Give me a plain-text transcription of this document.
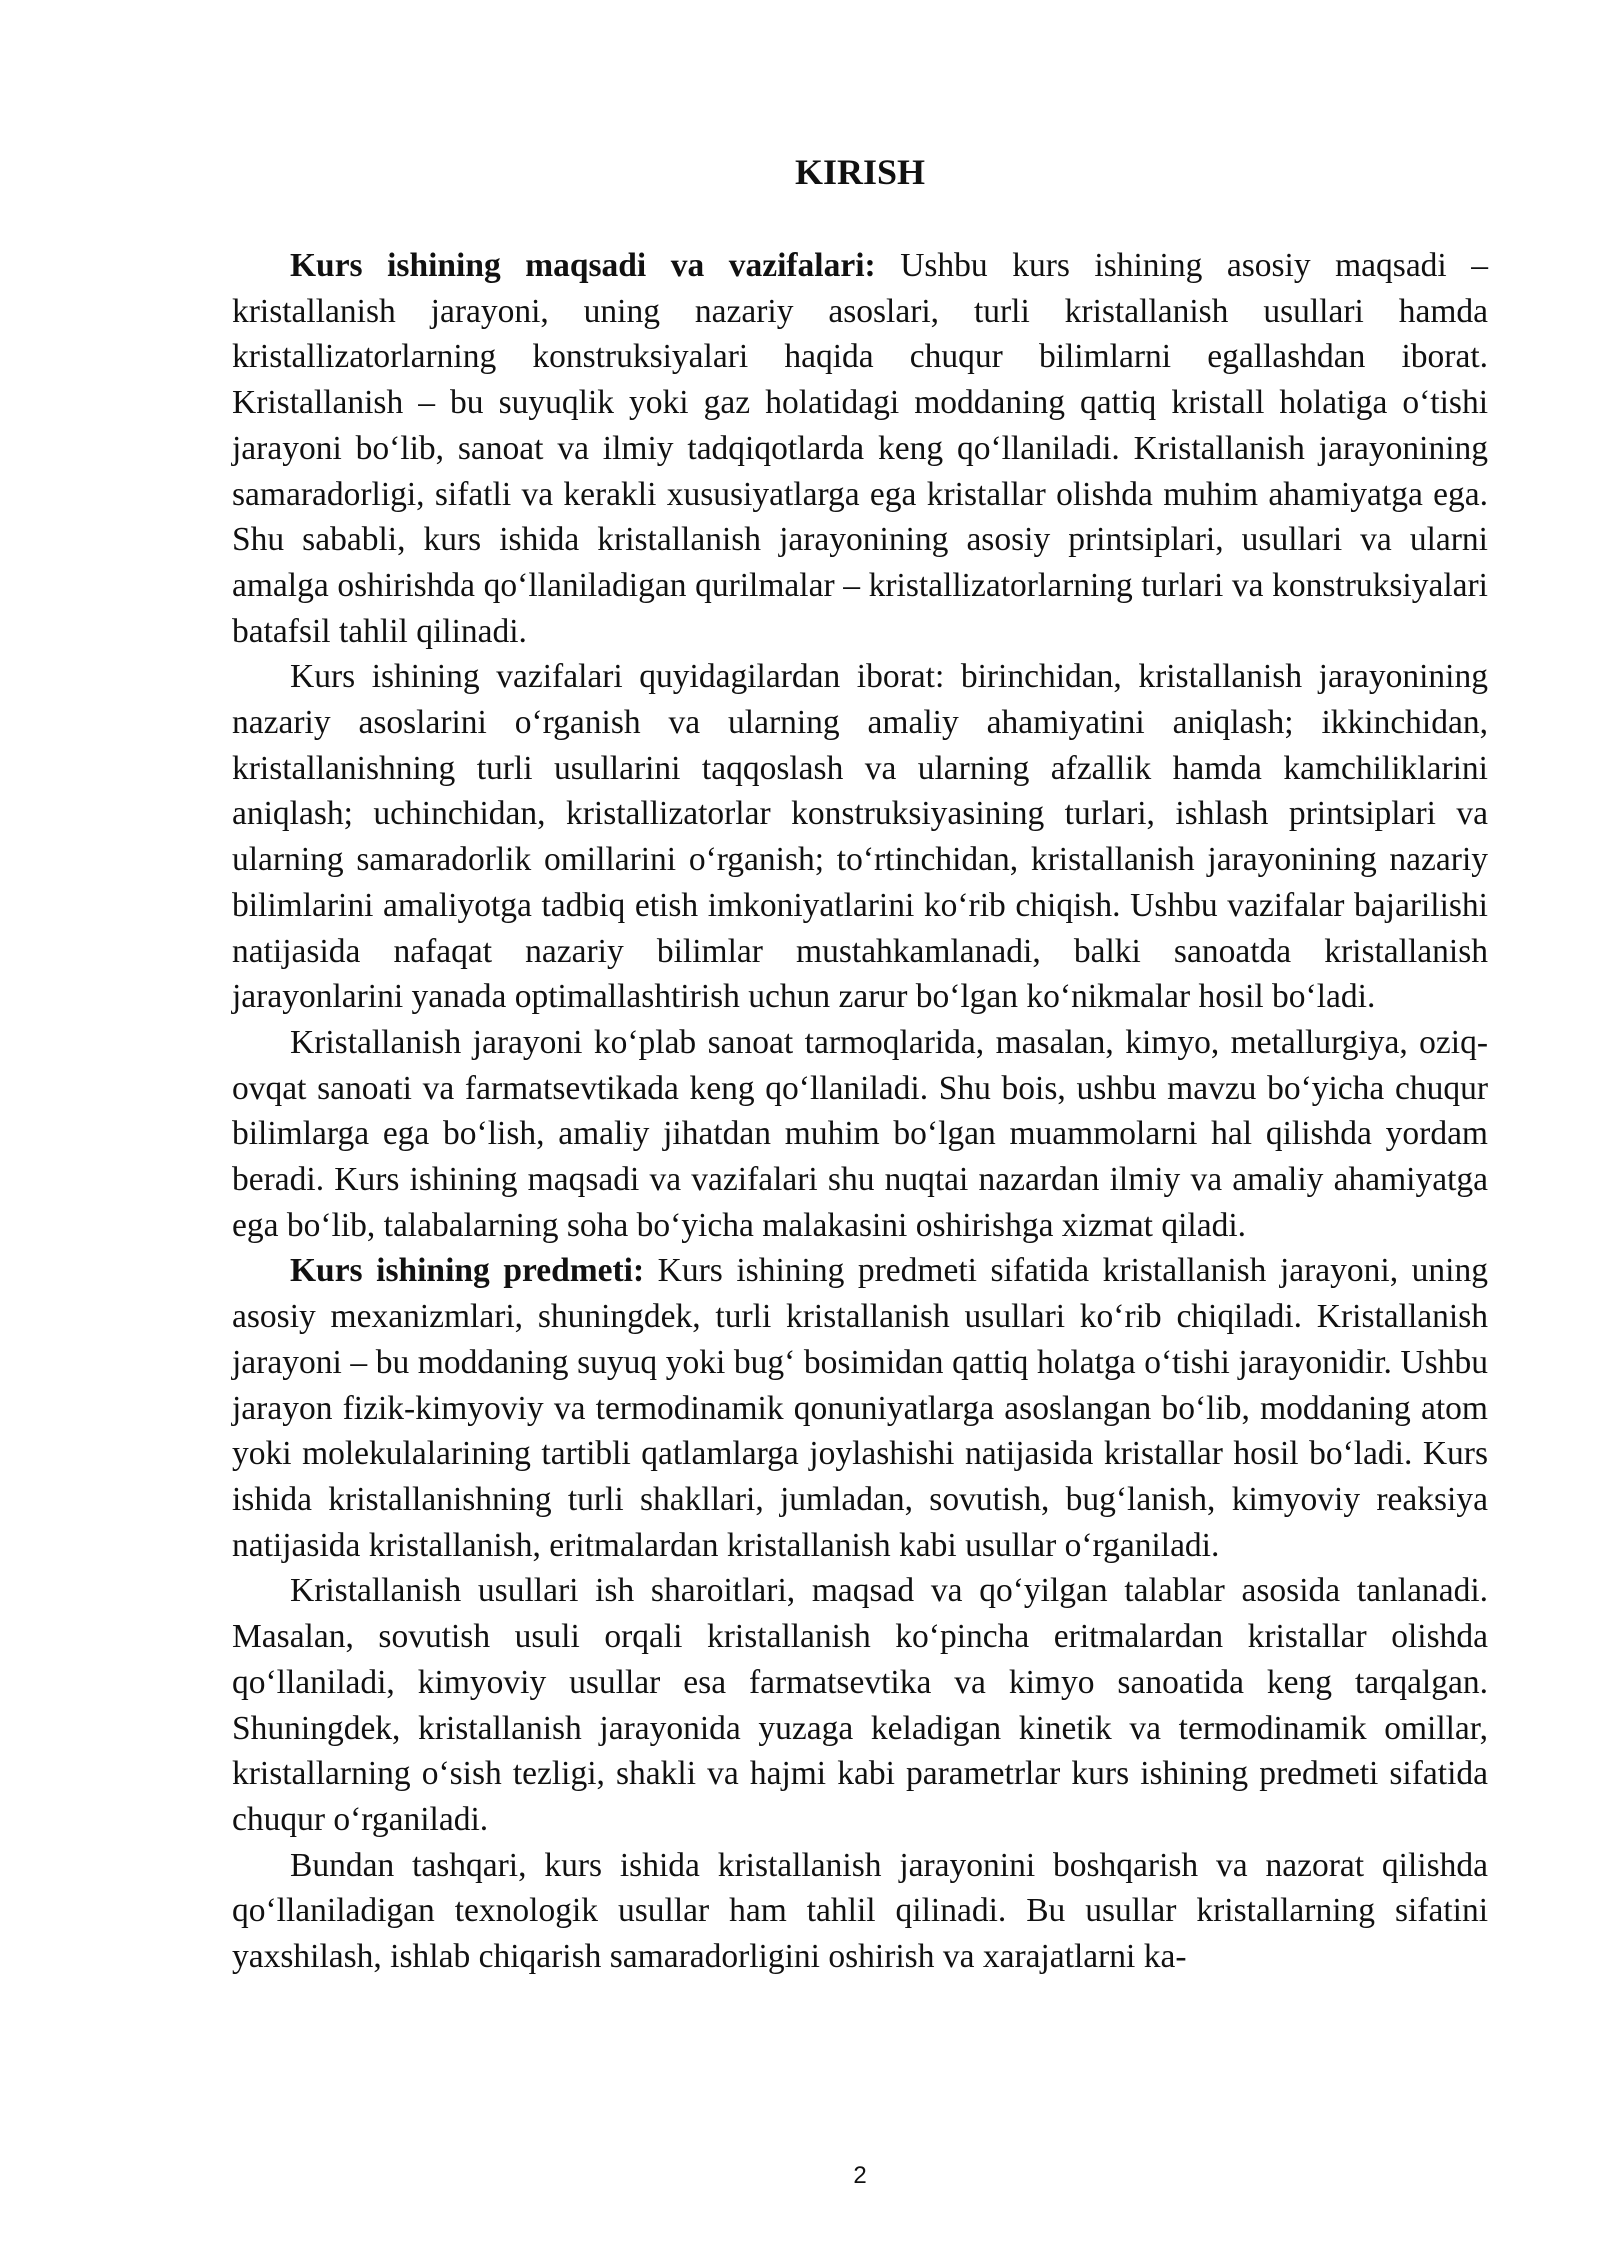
KIRISH

Kurs ishining maqsadi va vazifalari: Ushbu kurs ishining asosiy maqsadi – kristallanish jarayoni, uning nazariy asoslari, turli kristallanish usullari hamda kristallizatorlarning konstruksiyalari haqida chuqur bilimlarni egallashdan iborat. Kristallanish – bu suyuqlik yoki gaz holatidagi moddaning qattiq kristall holatiga o‘tishi jarayoni bo‘lib, sanoat va ilmiy tadqiqotlarda keng qo‘llaniladi. Kristallanish jarayonining samaradorligi, sifatli va kerakli xususiyatlarga ega kristallar olishda muhim ahamiyatga ega. Shu sababli, kurs ishida kristallanish jarayonining asosiy printsiplari, usullari va ularni amalga oshirishda qo‘llaniladigan qurilmalar – kristallizatorlarning turlari va konstruksiyalari batafsil tahlil qilinadi.

Kurs ishining vazifalari quyidagilardan iborat: birinchidan, kristallanish jarayonining nazariy asoslarini o‘rganish va ularning amaliy ahamiyatini aniqlash; ikkinchidan, kristallanishning turli usullarini taqqoslash va ularning afzallik hamda kamchiliklarini aniqlash; uchinchidan, kristallizatorlar konstruksiyasining turlari, ishlash printsiplari va ularning samaradorlik omillarini o‘rganish; to‘rtinchidan, kristallanish jarayonining nazariy bilimlarini amaliyotga tadbiq etish imkoniyatlarini ko‘rib chiqish. Ushbu vazifalar bajarilishi natijasida nafaqat nazariy bilimlar mustahkamlanadi, balki sanoatda kristallanish jarayonlarini yanada optimallashtirish uchun zarur bo‘lgan ko‘nikmalar hosil bo‘ladi.

Kristallanish jarayoni ko‘plab sanoat tarmoqlarida, masalan, kimyo, metallurgiya, oziq-ovqat sanoati va farmatsevtikada keng qo‘llaniladi. Shu bois, ushbu mavzu bo‘yicha chuqur bilimlarga ega bo‘lish, amaliy jihatdan muhim bo‘lgan muammolarni hal qilishda yordam beradi. Kurs ishining maqsadi va vazifalari shu nuqtai nazardan ilmiy va amaliy ahamiyatga ega bo‘lib, talabalarning soha bo‘yicha malakasini oshirishga xizmat qiladi.

Kurs ishining predmeti: Kurs ishining predmeti sifatida kristallanish jarayoni, uning asosiy mexanizmlari, shuningdek, turli kristallanish usullari ko‘rib chiqiladi. Kristallanish jarayoni – bu moddaning suyuq yoki bug‘ bosimidan qattiq holatga o‘tishi jarayonidir. Ushbu jarayon fizik-kimyoviy va termodinamik qonuniyatlarga asoslangan bo‘lib, moddaning atom yoki molekulalarining tartibli qatlamlarga joylashishi natijasida kristallar hosil bo‘ladi. Kurs ishida kristallanishning turli shakllari, jumladan, sovutish, bug‘lanish, kimyoviy reaksiya natijasida kristallanish, eritmalardan kristallanish kabi usullar o‘rganiladi.

Kristallanish usullari ish sharoitlari, maqsad va qo‘yilgan talablar asosida tanlanadi. Masalan, sovutish usuli orqali kristallanish ko‘pincha eritmalardan kristallar olishda qo‘llaniladi, kimyoviy usullar esa farmatsevtika va kimyo sanoatida keng tarqalgan. Shuningdek, kristallanish jarayonida yuzaga keladigan kinetik va termodinamik omillar, kristallarning o‘sish tezligi, shakli va hajmi kabi parametrlar kurs ishining predmeti sifatida chuqur o‘rganiladi.

Bundan tashqari, kurs ishida kristallanish jarayonini boshqarish va nazorat qilishda qo‘llaniladigan texnologik usullar ham tahlil qilinadi. Bu usullar kristallarning sifatini yaxshilash, ishlab chiqarish samaradorligini oshirish va xarajatlarni ka-

2
